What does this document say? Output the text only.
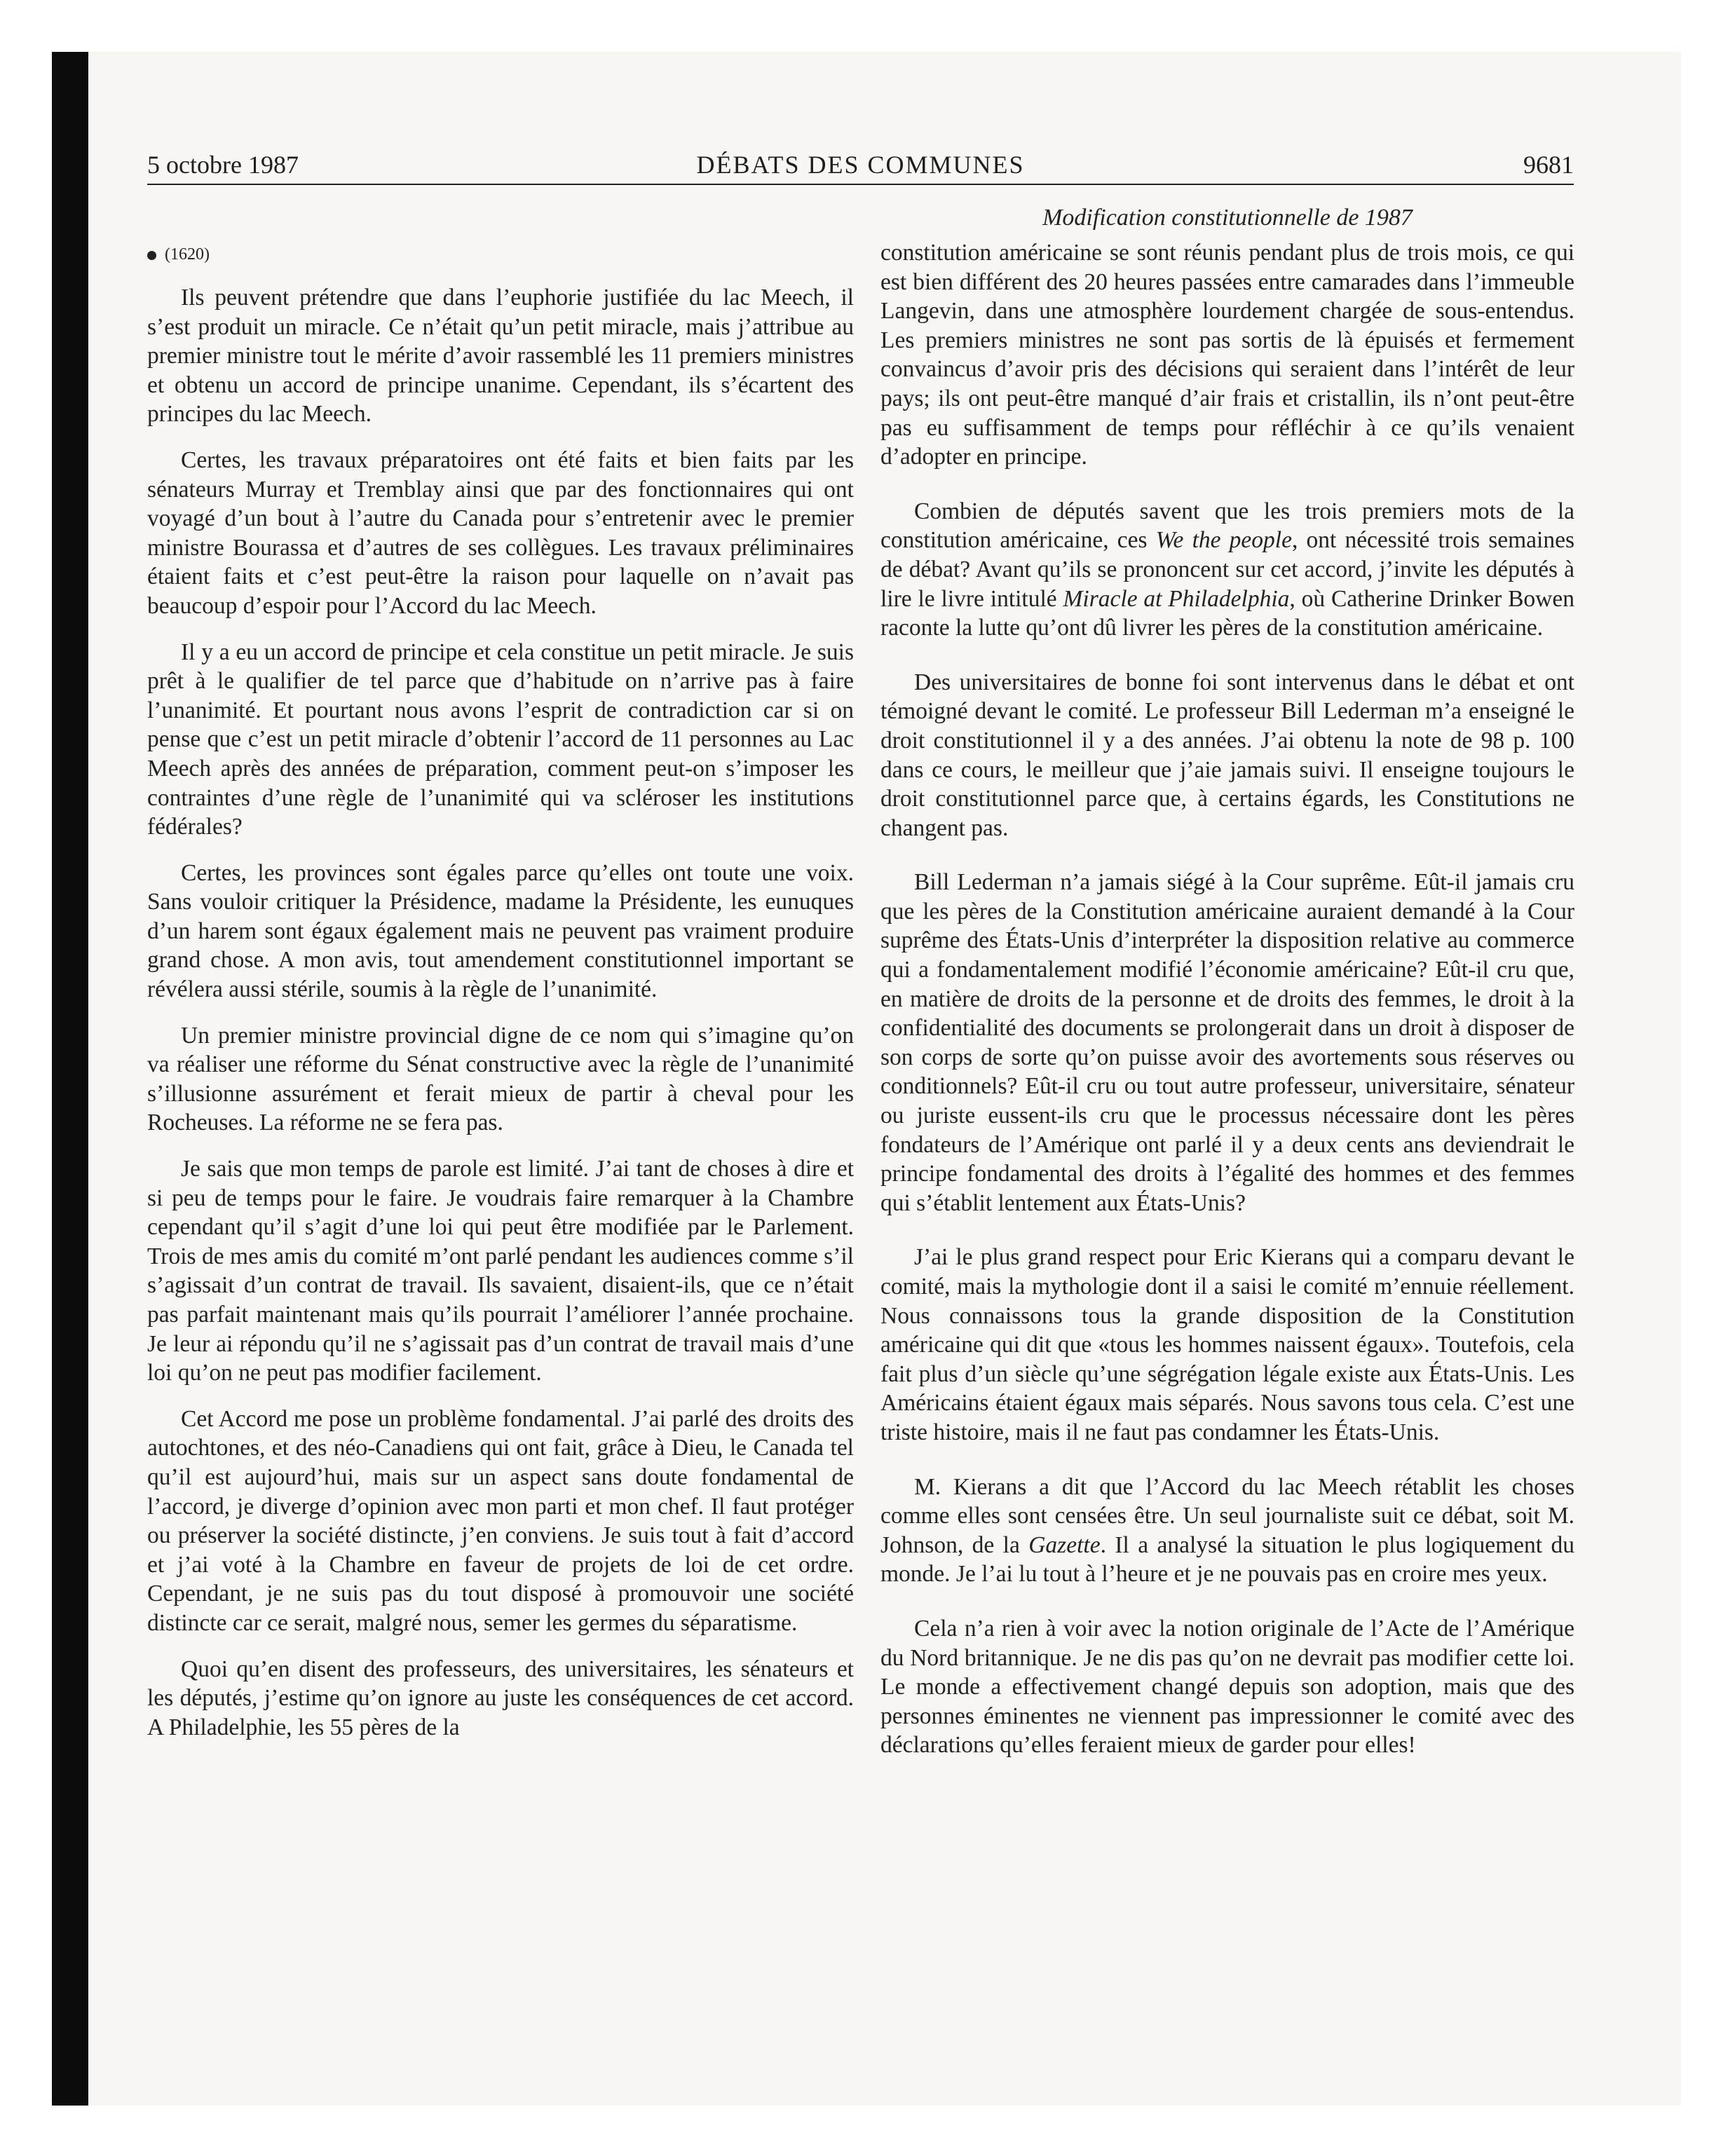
5 octobre 1987	DÉBATS DES COMMUNES	9681
(1620)

Ils peuvent prétendre que dans l’euphorie justifiée du lac Meech, il s’est produit un miracle. Ce n’était qu’un petit miracle, mais j’attribue au premier ministre tout le mérite d’avoir rassemblé les 11 premiers ministres et obtenu un accord de principe unanime. Cependant, ils s’écartent des principes du lac Meech.

Certes, les travaux préparatoires ont été faits et bien faits par les sénateurs Murray et Tremblay ainsi que par des fonctionnaires qui ont voyagé d’un bout à l’autre du Canada pour s’entretenir avec le premier ministre Bourassa et d’autres de ses collègues. Les travaux préliminaires étaient faits et c’est peut-être la raison pour laquelle on n’avait pas beaucoup d’espoir pour l’Accord du lac Meech.

Il y a eu un accord de principe et cela constitue un petit miracle. Je suis prêt à le qualifier de tel parce que d’habitude on n’arrive pas à faire l’unanimité. Et pourtant nous avons l’esprit de contradiction car si on pense que c’est un petit miracle d’obtenir l’accord de 11 personnes au Lac Meech après des années de préparation, comment peut-on s’imposer les contraintes d’une règle de l’unanimité qui va scléroser les institutions fédérales?

Certes, les provinces sont égales parce qu’elles ont toute une voix. Sans vouloir critiquer la Présidence, madame la Présidente, les eunuques d’un harem sont égaux également mais ne peuvent pas vraiment produire grand chose. A mon avis, tout amendement constitutionnel important se révélera aussi stérile, soumis à la règle de l’unanimité.

Un premier ministre provincial digne de ce nom qui s’imagine qu’on va réaliser une réforme du Sénat constructive avec la règle de l’unanimité s’illusionne assurément et ferait mieux de partir à cheval pour les Rocheuses. La réforme ne se fera pas.

Je sais que mon temps de parole est limité. J’ai tant de choses à dire et si peu de temps pour le faire. Je voudrais faire remarquer à la Chambre cependant qu’il s’agit d’une loi qui peut être modifiée par le Parlement. Trois de mes amis du comité m’ont parlé pendant les audiences comme s’il s’agissait d’un contrat de travail. Ils savaient, disaient-ils, que ce n’était pas parfait maintenant mais qu’ils pourrait l’améliorer l’année prochaine. Je leur ai répondu qu’il ne s’agissait pas d’un contrat de travail mais d’une loi qu’on ne peut pas modifier facilement.

Cet Accord me pose un problème fondamental. J’ai parlé des droits des autochtones, et des néo-Canadiens qui ont fait, grâce à Dieu, le Canada tel qu’il est aujourd’hui, mais sur un aspect sans doute fondamental de l’accord, je diverge d’opinion avec mon parti et mon chef. Il faut protéger ou préserver la société distincte, j’en conviens. Je suis tout à fait d’accord et j’ai voté à la Chambre en faveur de projets de loi de cet ordre. Cependant, je ne suis pas du tout disposé à promouvoir une société distincte car ce serait, malgré nous, semer les germes du séparatisme.

Quoi qu’en disent des professeurs, des universitaires, les sénateurs et les députés, j’estime qu’on ignore au juste les conséquences de cet accord. A Philadelphie, les 55 pères de la

Modification constitutionnelle de 1987

constitution américaine se sont réunis pendant plus de trois mois, ce qui est bien différent des 20 heures passées entre camarades dans l’immeuble Langevin, dans une atmosphère lourdement chargée de sous-entendus. Les premiers ministres ne sont pas sortis de là épuisés et fermement convaincus d’avoir pris des décisions qui seraient dans l’intérêt de leur pays; ils ont peut-être manqué d’air frais et cristallin, ils n’ont peut-être pas eu suffisamment de temps pour réfléchir à ce qu’ils venaient d’adopter en principe.

Combien de députés savent que les trois premiers mots de la constitution américaine, ces We the people, ont nécessité trois semaines de débat? Avant qu’ils se prononcent sur cet accord, j’invite les députés à lire le livre intitulé Miracle at Philadelphia, où Catherine Drinker Bowen raconte la lutte qu’ont dû livrer les pères de la constitution américaine.

Des universitaires de bonne foi sont intervenus dans le débat et ont témoigné devant le comité. Le professeur Bill Lederman m’a enseigné le droit constitutionnel il y a des années. J’ai obtenu la note de 98 p. 100 dans ce cours, le meilleur que j’aie jamais suivi. Il enseigne toujours le droit constitutionnel parce que, à certains égards, les Constitutions ne changent pas.

Bill Lederman n’a jamais siégé à la Cour suprême. Eût-il jamais cru que les pères de la Constitution américaine auraient demandé à la Cour suprême des États-Unis d’interpréter la disposition relative au commerce qui a fondamentalement modifié l’économie américaine? Eût-il cru que, en matière de droits de la personne et de droits des femmes, le droit à la confidentialité des documents se prolongerait dans un droit à disposer de son corps de sorte qu’on puisse avoir des avortements sous réserves ou conditionnels? Eût-il cru ou tout autre professeur, universitaire, sénateur ou juriste eussent-ils cru que le processus nécessaire dont les pères fondateurs de l’Amérique ont parlé il y a deux cents ans deviendrait le principe fondamental des droits à l’égalité des hommes et des femmes qui s’établit lentement aux États-Unis?

J’ai le plus grand respect pour Eric Kierans qui a comparu devant le comité, mais la mythologie dont il a saisi le comité m’ennuie réellement. Nous connaissons tous la grande disposition de la Constitution américaine qui dit que «tous les hommes naissent égaux». Toutefois, cela fait plus d’un siècle qu’une ségrégation légale existe aux États-Unis. Les Américains étaient égaux mais séparés. Nous savons tous cela. C’est une triste histoire, mais il ne faut pas condamner les États-Unis.

M. Kierans a dit que l’Accord du lac Meech rétablit les choses comme elles sont censées être. Un seul journaliste suit ce débat, soit M. Johnson, de la Gazette. Il a analysé la situation le plus logiquement du monde. Je l’ai lu tout à l’heure et je ne pouvais pas en croire mes yeux.

Cela n’a rien à voir avec la notion originale de l’Acte de l’Amérique du Nord britannique. Je ne dis pas qu’on ne devrait pas modifier cette loi. Le monde a effectivement changé depuis son adoption, mais que des personnes éminentes ne viennent pas impressionner le comité avec des déclarations qu’elles feraient mieux de garder pour elles!
